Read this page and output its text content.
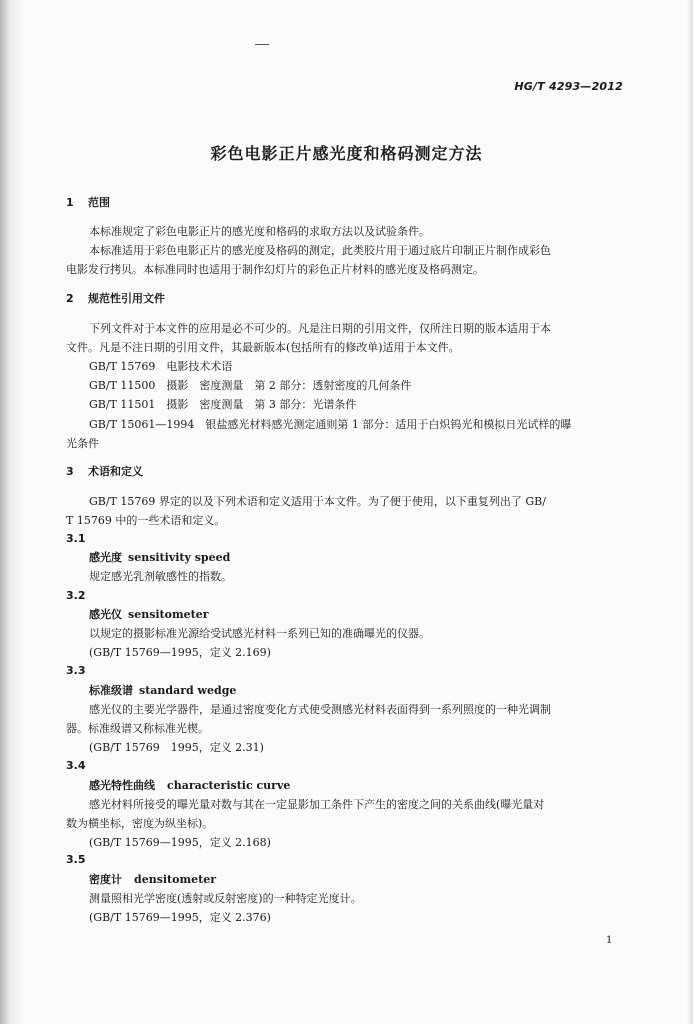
HG/T 4293—2012
彩色电影正片感光度和格码测定方法
1 范围
本标准规定了彩色电影正片的感光度和格码的求取方法以及试验条件。
本标准适用于彩色电影正片的感光度及格码的测定，此类胶片用于通过底片印制正片制作成彩色
电影发行拷贝。本标准同时也适用于制作幻灯片的彩色正片材料的感光度及格码测定。
2 规范性引用文件
下列文件对于本文件的应用是必不可少的。凡是注日期的引用文件，仅所注日期的版本适用于本
文件。凡是不注日期的引用文件，其最新版本(包括所有的修改单)适用于本文件。
GB/T 15769　电影技术术语
GB/T 11500　摄影　密度测量　第 2 部分：透射密度的几何条件
GB/T 11501　摄影　密度测量　第 3 部分：光谱条件
GB/T 15061—1994　银盐感光材料感光测定通则第 1 部分：适用于白炽钨光和模拟日光试样的曝
光条件
3 术语和定义
GB/T 15769 界定的以及下列术语和定义适用于本文件。为了便于使用，以下重复列出了 GB/
T 15769 中的一些术语和定义。
3.1
感光度 sensitivity speed
规定感光乳剂敏感性的指数。
3.2
感光仪 sensitometer
以规定的摄影标准光源给受试感光材料一系列已知的准确曝光的仪器。
(GB/T 15769—1995，定义 2.169)
3.3
标准级谱 standard wedge
感光仪的主要光学器件，是通过密度变化方式使受测感光材料表面得到一系列照度的一种光调制
器。标准级谱又称标准光楔。
(GB/T 15769　1995，定义 2.31)
3.4
感光特性曲线 characteristic curve
感光材料所接受的曝光量对数与其在一定显影加工条件下产生的密度之间的关系曲线(曝光量对
数为横坐标，密度为纵坐标)。
(GB/T 15769—1995，定义 2.168)
3.5
密度计 densitometer
测量照相光学密度(透射或反射密度)的一种特定光度计。
(GB/T 15769—1995，定义 2.376)
1
